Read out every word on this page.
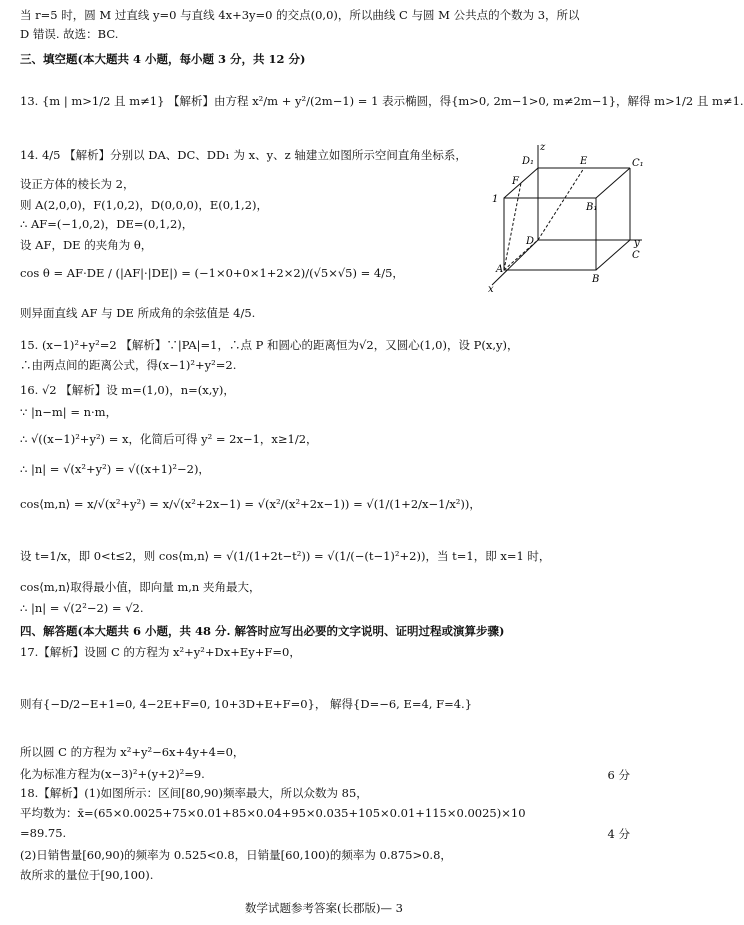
当 r=5 时，圆 M 过直线 y=0 与直线 4x+3y=0 的交点(0,0)，所以曲线 C 与圆 M 公共点的个数为 3，所以
D 错误. 故选：BC.
三、填空题(本大题共 4 小题，每小题 3 分，共 12 分)
13. {m | m>1/2 且 m≠1} 【解析】由方程 x²/m + y²/(2m−1) = 1 表示椭圆，得{m>0, 2m−1>0, m≠2m−1}，解得 m>1/2 且 m≠1.
14. 4/5 【解析】分别以 DA、DC、DD₁ 为 x、y、z 轴建立如图所示空间直角坐标系，
设正方体的棱长为 2，
则 A(2,0,0)，F(1,0,2)，D(0,0,0)，E(0,1,2)，
∴ AF=(−1,0,2)，DE=(0,1,2)，
设 AF，DE 的夹角为 θ，
cos θ = AF·DE / (|AF|·|DE|) = (−1×0+0×1+2×2)/(√5×√5) = 4/5，
则异面直线 AF 与 DE 所成角的余弦值是 4/5.
15. (x−1)²+y²=2 【解析】∵|PA|=1，∴点 P 和圆心的距离恒为√2，又圆心(1,0)，设 P(x,y)，
∴由两点间的距离公式，得(x−1)²+y²=2.
16. √2 【解析】设 m=(1,0)，n=(x,y)，
∵ |n−m| = n·m，
∴ √((x−1)²+y²) = x，化简后可得 y² = 2x−1，x≥1/2，
∴ |n| = √(x²+y²) = √((x+1)²−2)，
cos⟨m,n⟩ = x/√(x²+y²) = x/√(x²+2x−1) = √(x²/(x²+2x−1)) = √(1/(1+2/x−1/x²))，
设 t=1/x，即 0<t≤2，则 cos⟨m,n⟩ = √(1/(1+2t−t²)) = √(1/(−(t−1)²+2))，当 t=1，即 x=1 时，
cos⟨m,n⟩取得最小值，即向量 m,n 夹角最大，
∴ |n| = √(2²−2) = √2.
四、解答题(本大题共 6 小题，共 48 分. 解答时应写出必要的文字说明、证明过程或演算步骤)
17.【解析】设圆 C 的方程为 x²+y²+Dx+Ey+F=0，
则有{−D/2−E+1=0, 4−2E+F=0, 10+3D+E+F=0}， 解得{D=−6, E=4, F=4.}
所以圆 C 的方程为 x²+y²−6x+4y+4=0，
化为标准方程为(x−3)²+(y+2)²=9.
18.【解析】(1)如图所示：区间[80,90)频率最大，所以众数为 85，
平均数为：x̄=(65×0.0025+75×0.01+85×0.04+95×0.035+105×0.01+115×0.0025)×10
=89.75.
(2)日销售量[60,90)的频率为 0.525<0.8，日销量[60,100)的频率为 0.875>0.8，
故所求的量位于[90,100).
6 分
4 分
z
y
x
D₁	E	C₁
F
B₁
1
D
C
A
B
数学试题参考答案(长郡版)— 3
